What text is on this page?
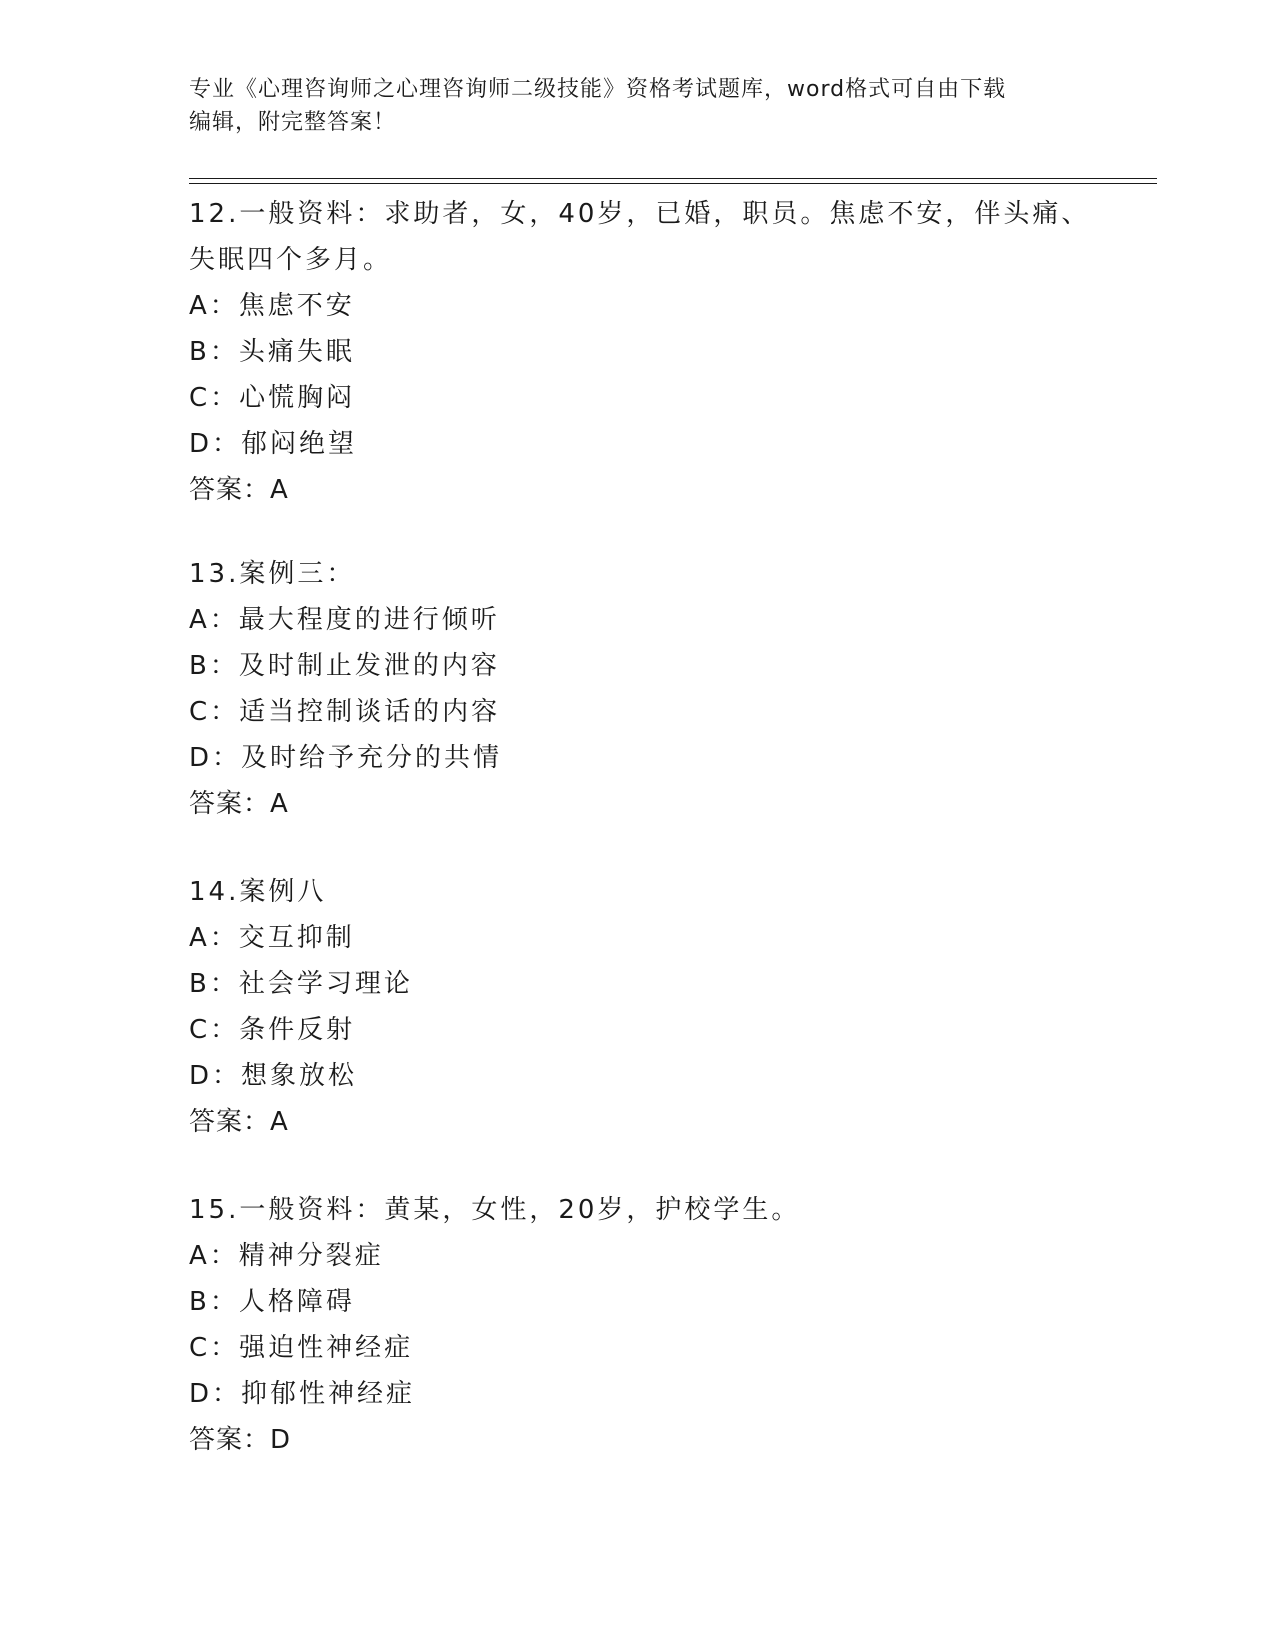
专业《心理咨询师之心理咨询师二级技能》资格考试题库，word格式可自由下载
编辑，附完整答案！

12.一般资料：求助者，女，40岁，已婚，职员。焦虑不安，伴头痛、

失眠四个多月。

A：焦虑不安

B：头痛失眠

C：心慌胸闷

D：郁闷绝望

答案：A

13.案例三：

A：最大程度的进行倾听

B：及时制止发泄的内容

C：适当控制谈话的内容

D：及时给予充分的共情

答案：A

14.案例八

A：交互抑制

B：社会学习理论

C：条件反射

D：想象放松

答案：A

15.一般资料：黄某，女性，20岁，护校学生。

A：精神分裂症

B：人格障碍

C：强迫性神经症

D：抑郁性神经症

答案：D
